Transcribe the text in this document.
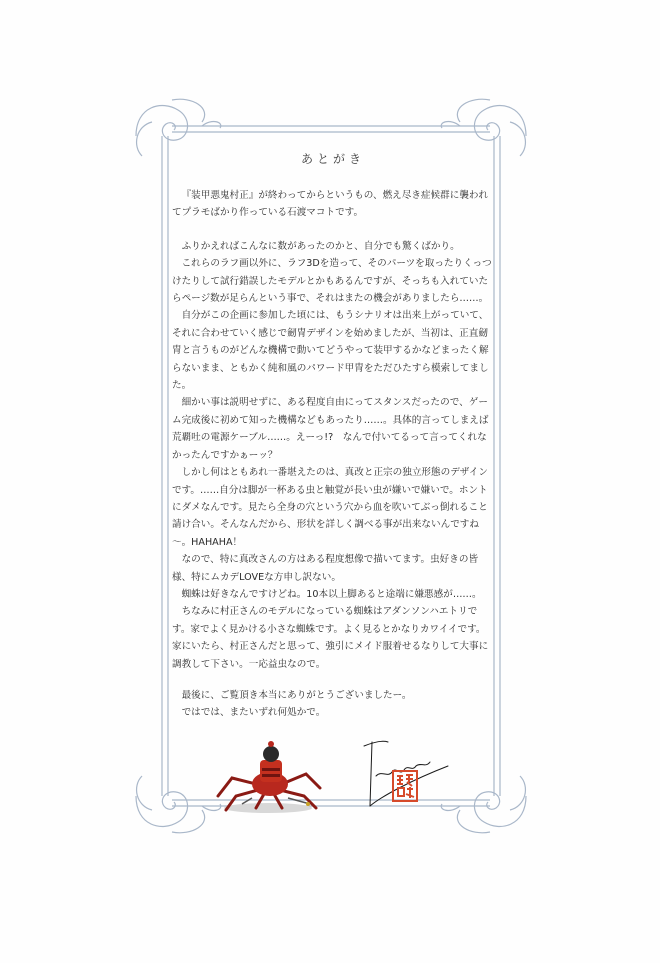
あとがき

『装甲悪鬼村正』が終わってからというもの、燃え尽き症候群に襲われてプラモばかり作っている石渡マコトです。

ふりかえればこんなに数があったのかと、自分でも驚くばかり。

これらのラフ画以外に、ラフ3Dを造って、そのパーツを取ったりくっつけたりして試行錯誤したモデルとかもあるんですが、そっちも入れていたらページ数が足らんという事で、それはまたの機会がありましたら……。

自分がこの企画に参加した頃には、もうシナリオは出来上がっていて、それに合わせていく感じで劒冑デザインを始めましたが、当初は、正直劒冑と言うものがどんな機構で動いてどうやって装甲するかなどまったく解らないまま、ともかく純和風のパワード甲冑をただひたすら模索してました。

細かい事は説明せずに、ある程度自由にってスタンスだったので、ゲーム完成後に初めて知った機構などもあったり……。具体的言ってしまえば荒覇吐の電源ケーブル……。えーっ!?　なんで付いてるって言ってくれなかったんですかぁーッ？

しかし何はともあれ一番堪えたのは、真改と正宗の独立形態のデザインです。……自分は脚が一杯ある虫と触覚が長い虫が嫌いで嫌いで。ホントにダメなんです。見たら全身の穴という穴から血を吹いてぶっ倒れること請け合い。そんなんだから、形状を詳しく調べる事が出来ないんですね～。HAHAHA！

なので、特に真改さんの方はある程度想像で描いてます。虫好きの皆様、特にムカデLOVEな方申し訳ない。

蜘蛛は好きなんですけどね。10本以上脚あると途端に嫌悪感が……。

ちなみに村正さんのモデルになっている蜘蛛はアダンソンハエトリです。家でよく見かける小さな蜘蛛です。よく見るとかなりカワイイです。家にいたら、村正さんだと思って、強引にメイド服着せるなりして大事に調教して下さい。一応益虫なので。

最後に、ご覧頂き本当にありがとうございましたー。

ではでは、またいずれ何処かで。
